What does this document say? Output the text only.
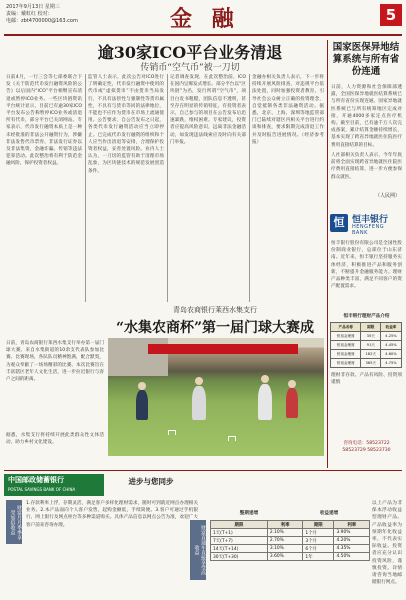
2017年9月13日 星期三
责编：戴虹红 校对：
电邮：zbt4700000@163.com	金 融	5
逾30家ICO平台业务清退
传销币“空气币”被一刀切
日前4月，一行三会等七部委联合下发《关于防范代币发行融资风险的公告》以后国内“ICO”平台相继宣布清退或暂停ICO业务。一些区块链资讯平台统计显示，目前已有逾30家ICO平台发布公告称暂停ICO业务或清退所有代币，部分平台已关闭网站。专家表示，代币发行融资本质上是一种未经批准的非法公开融资行为，涉嫌非法发售代币票券、非法发行证券以及非法集资、金融诈骗、传销等违法犯罪活动。此次整治将有利于防范金融风险，保护投资者权益。
监管人士表示，此次公告对ICO进行了明确定性，代币发行融资中使用的代币或“虚拟货币”不由货币当局发行，不具有法偿性与强制性等货币属性，不具有与货币等同的法律地位，不能也不应作为货币在市场上流通使用。公告要求，自公告发布之日起，各类代币发行融资活动应当立即停止。已完成代币发行融资的组织和个人应当作出清退等安排，合理保护投资者权益，妥善处置风险。业内人士认为，一刀切的监管有助于清理市场乱象，为区块链技术的规范发展创造条件。
记者调查发现，在此次整治前，ICO在国内呈爆发式增长。部分平台以“区块链”为名，发行所谓“空气币”，项目白皮书粗糙，团队信息不透明，甚至存在明显的传销特征。有投资者表示，自己参与的项目在公告发布后迅速暴跌，维权困难。专家建议，投资者应提高风险意识，远离非法金融活动，如发现违法线索应及时向有关部门举报。
金融办相关负责人表示，下一步将持续开展风险排查，对违规平台依法处置，同时加强投资者教育，引导社会公众树立正确的投资理念，自觉抵制各类非法融资活动。据悉，北京、上海、深圳等地监管部门已陆续对辖区内相关平台进行约谈和排查，要求限期完成清退工作并及时报告进展情况。（经济参考报）
国家医保异地结算系统与所有省份连通
日前，人力资源和社会保障部透露，全国医保异地就医结算系统已与所有省份实现连通。国家异地就医系统已与所有统筹地区完成对接，开通4000多家定点医疗机构。截至目前，已有逾千万人次完成备案，累计结算金额持续增长，基本实现了跨省异地就医住院医疗费用直接结算的目标。
人社部相关负责人表示，今年年底前将全面实现跨省异地就医住院医疗费用直接结算，进一步方便参保群众就医。
（人民网）
恒 恒丰银行
HENGFENG BANK
恒丰银行股份有限公司是全国性股份制商业银行，总部位于山东济南。近年来，恒丰银行坚持服务实体经济，积极推进产品和服务创新，不断提升金融服务能力。理财产品种类丰富，满足不同客户的资产配置需求。
恒丰银行理财产品介绍
产品名称	期限	收益率
恒裕金理财	35天	4.25%
恒裕金理财	91天	4.45%
恒裕金理财	182天	4.60%
恒裕金理财	365天	4.75%
理财非存款、产品有风险、投资须谨慎
咨询电话：58523722 58523729 58523730
青岛农商银行莱西水集支行
“水集农商杯”第一届门球大赛成
日前，青岛农商银行莱西水集支行举办第一届门球大赛。来自水集街道的10余支代表队参加比赛。比赛现场，各队队员精神饱满，配合默契，为观众奉献了一场场精彩的比赛。本次比赛旨在丰富辖区老年人文化生活，进一步拉近银行与客户之间的距离。
据悉，水集支行将持续开展此类群众性文体活动，助力乡村文化建设。
中国邮政储蓄银行
POSTAL SAVINGS BANK OF CHINA
进步与您同步
财富月月季季享受加倍收益
1.存款利率上浮，存期灵活，满足客户多样化理财需求，随时可到就近网点办理相关业务。2.本产品面向个人客户发售，起购金额低，手续简便。3.客户可通过手机银行、网上银行及网点柜台等多种渠道购买。具体产品信息以网点公告为准，欢迎广大客户前来咨询办理。	财富直通车直接享受高收益
整期递增	收益递增
期限	利率	期限	利率
1天(T+1)	2.10%	1个月	3.90%
7天(T+7)	2.70%	3个月	4.20%
14天(T+14)	3.10%	6个月	4.35%
30天(T+30)	3.60%	1年	4.50%
以上产品为非保本浮动收益型理财产品。产品收益率为预期年化收益率，不代表实际收益。投资者应充分认识投资风险，谨慎投资。详情请咨询当地邮储银行网点。
